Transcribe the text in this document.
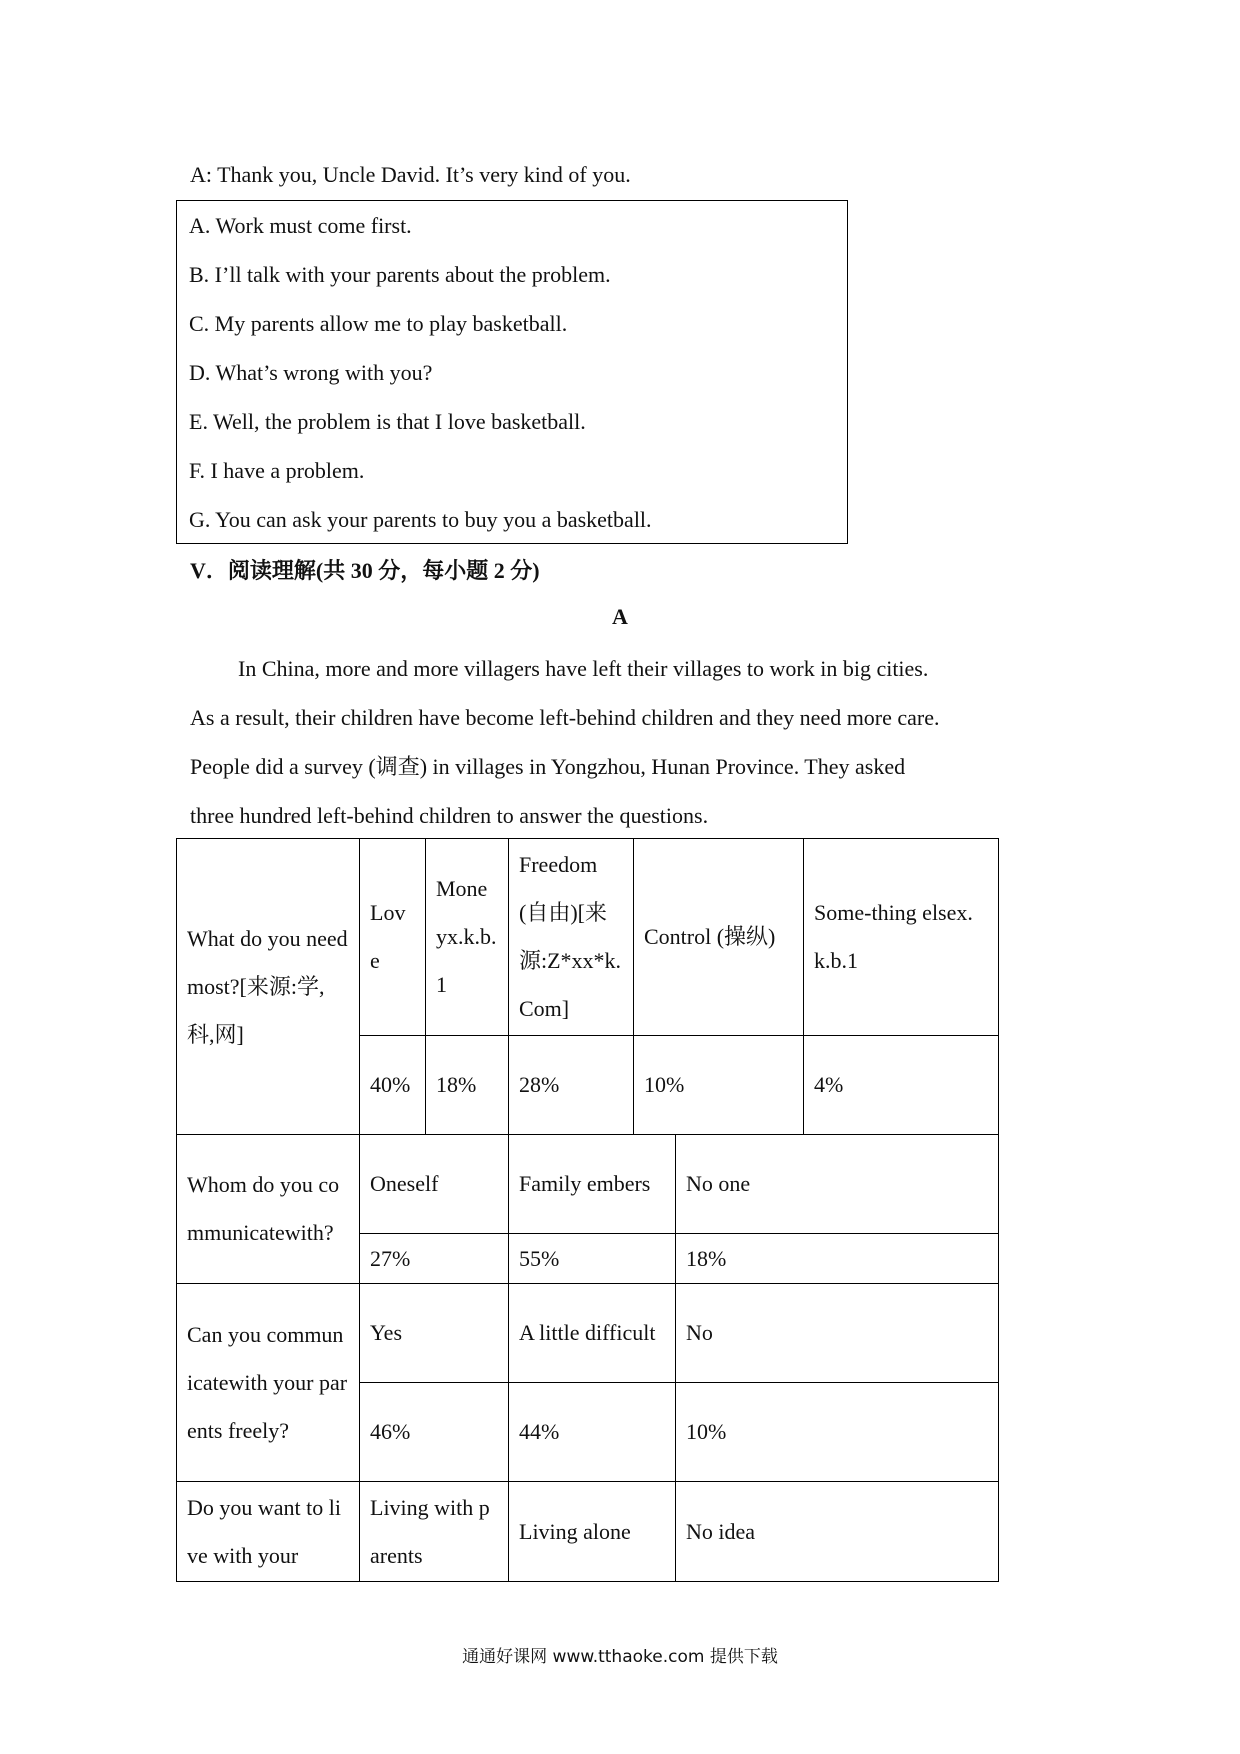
A: Thank you, Uncle David. It’s very kind of you.
A. Work must come first.
B. I’ll talk with your parents about the problem.
C. My parents allow me to play basketball.
D. What’s wrong with you?
E. Well, the problem is that I love basketball.
F. I have a problem.
G. You can ask your parents to buy you a basketball.
V．阅读理解(共 30 分，每小题 2 分)
A
In China, more and more villagers have left their villages to work in big cities.
As a result, their children have become left-behind children and they need more care.
People did a survey (调查) in villages in Yongzhou, Hunan Province. They asked
three hundred left-behind children to answer the questions.
What do you need most?[来源:学,科,网]	Love	Moneyx.k.b.1	Freedom(自由)[来源:Z*xx*k.Com]	Control (操纵)		Some-thing elsex.k.b.1
	40%	18%	28%	10%		4%
Whom do you communicatewith?	Oneself		Family embers		No one	
	27%		55%		18%	
Can you communicatewith your parents freely?	Yes		A little difficult		No	
	46%		44%		10%	
Do you want to live with your	Living with parents		Living alone		No idea	
通通好课网 www.tthaoke.com 提供下载
